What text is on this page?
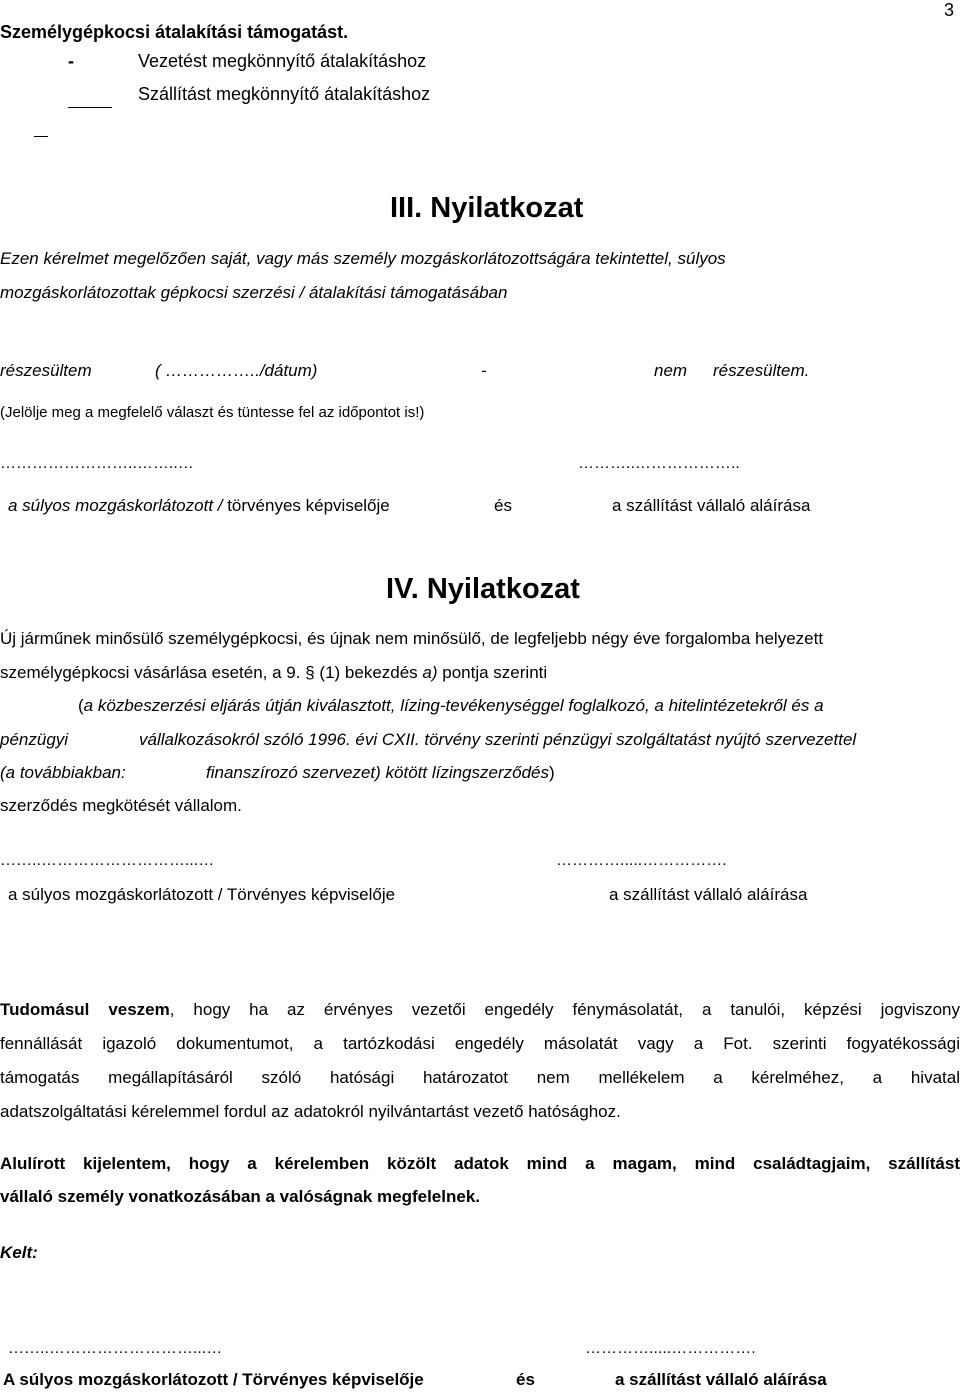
3
Személygépkocsi átalakítási támogatást.
-	Vezetést megkönnyítő átalakításhoz
Szállítást megkönnyítő átalakításhoz
III. Nyilatkozat
Ezen kérelmet megelőzően saját, vagy más személy mozgáskorlátozottságára tekintettel, súlyos
mozgáskorlátozottak gépkocsi szerzési / átalakítási támogatásában
részesültem	( ……………../dátum)	-	nem részesültem.
(Jelölje meg a megfelelő választ és tüntesse fel az időpontot is!)
……………………..……..…	………..………………..
a súlyos mozgáskorlátozott / törvényes képviselője	és	a szállítást vállaló aláírása
IV. Nyilatkozat
Új járműnek minősülő személygépkocsi, és újnak nem minősülő, de legfeljebb négy éve forgalomba helyezett
személygépkocsi vásárlása esetén, a 9. § (1) bekezdés a) pontja szerinti
(a közbeszerzési eljárás útján kiválasztott, lízing-tevékenységgel foglalkozó, a hitelintézetekről és a
pénzügyi	vállalkozásokról szóló 1996. évi CXII. törvény szerinti pénzügyi szolgáltatást nyújtó szervezettel
(a továbbiakban:	finanszírozó szervezet) kötött lízingszerződés)
szerződés megkötését vállalom.
……..………………………...…	………….....…………….
a súlyos mozgáskorlátozott / Törvényes képviselője	a szállítást vállaló aláírása
Tudomásul veszem, hogy ha az érvényes vezetői engedély fénymásolatát, a tanulói, képzési jogviszony
fennállását igazoló dokumentumot, a tartózkodási engedély másolatát vagy a Fot. szerinti fogyatékossági
támogatás megállapításáról szóló hatósági határozatot nem mellékelem a kérelméhez, a hivatal
adatszolgáltatási kérelemmel fordul az adatokról nyilvántartást vezető hatósághoz.
Alulírott kijelentem, hogy a kérelemben közölt adatok mind a magam, mind családtagjaim, szállítást
vállaló személy vonatkozásában a valóságnak megfelelnek.
Kelt:
……..………………………...…	………….....…………….
A súlyos mozgáskorlátozott / Törvényes képviselője	és	a szállítást vállaló aláírása
